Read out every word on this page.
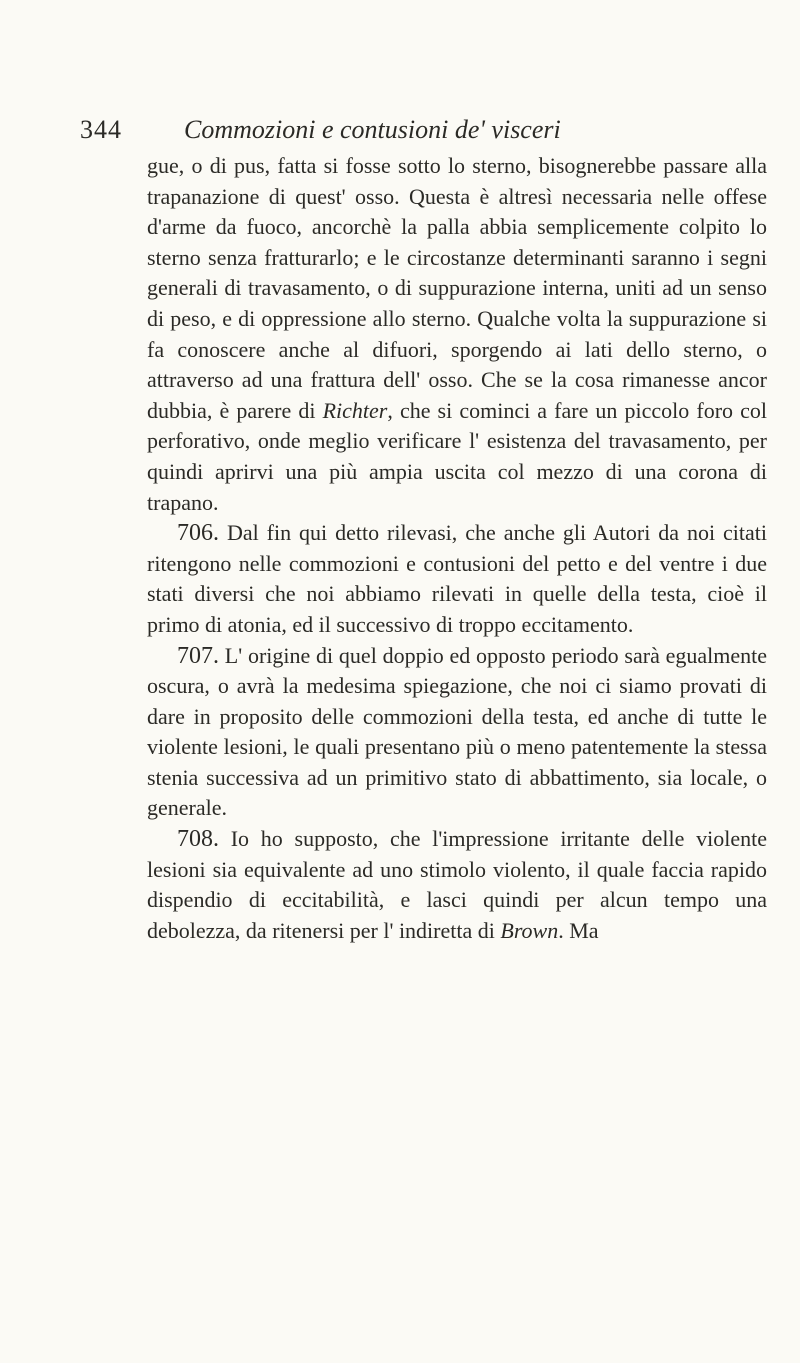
344 Commozioni e contusioni de' visceri

gue, o di pus, fatta si fosse sotto lo sterno, bisognerebbe passare alla trapanazione di quest' osso. Questa è altresì necessaria nelle offese d'arme da fuoco, ancorchè la palla abbia semplicemente colpito lo sterno senza fratturarlo; e le circostanze determinanti saranno i segni generali di travasamento, o di suppurazione interna, uniti ad un senso di peso, e di oppressione allo sterno. Qualche volta la suppurazione si fa conoscere anche al difuori, sporgendo ai lati dello sterno, o attraverso ad una frattura dell' osso. Che se la cosa rimanesse ancor dubbia, è parere di Richter, che si cominci a fare un piccolo foro col perforativo, onde meglio verificare l' esistenza del travasamento, per quindi aprirvi una più ampia uscita col mezzo di una corona di trapano.

706. Dal fin qui detto rilevasi, che anche gli Autori da noi citati ritengono nelle commozioni e contusioni del petto e del ventre i due stati diversi che noi abbiamo rilevati in quelle della testa, cioè il primo di atonia, ed il successivo di troppo eccitamento.

707. L' origine di quel doppio ed opposto periodo sarà egualmente oscura, o avrà la medesima spiegazione, che noi ci siamo provati di dare in proposito delle commozioni della testa, ed anche di tutte le violente lesioni, le quali presentano più o meno patentemente la stessa stenia successiva ad un primitivo stato di abbattimento, sia locale, o generale.

708. Io ho supposto, che l'impressione irritante delle violente lesioni sia equivalente ad uno stimolo violento, il quale faccia rapido dispendio di eccitabilità, e lasci quindi per alcun tempo una debolezza, da ritenersi per l' indiretta di Brown. Ma
